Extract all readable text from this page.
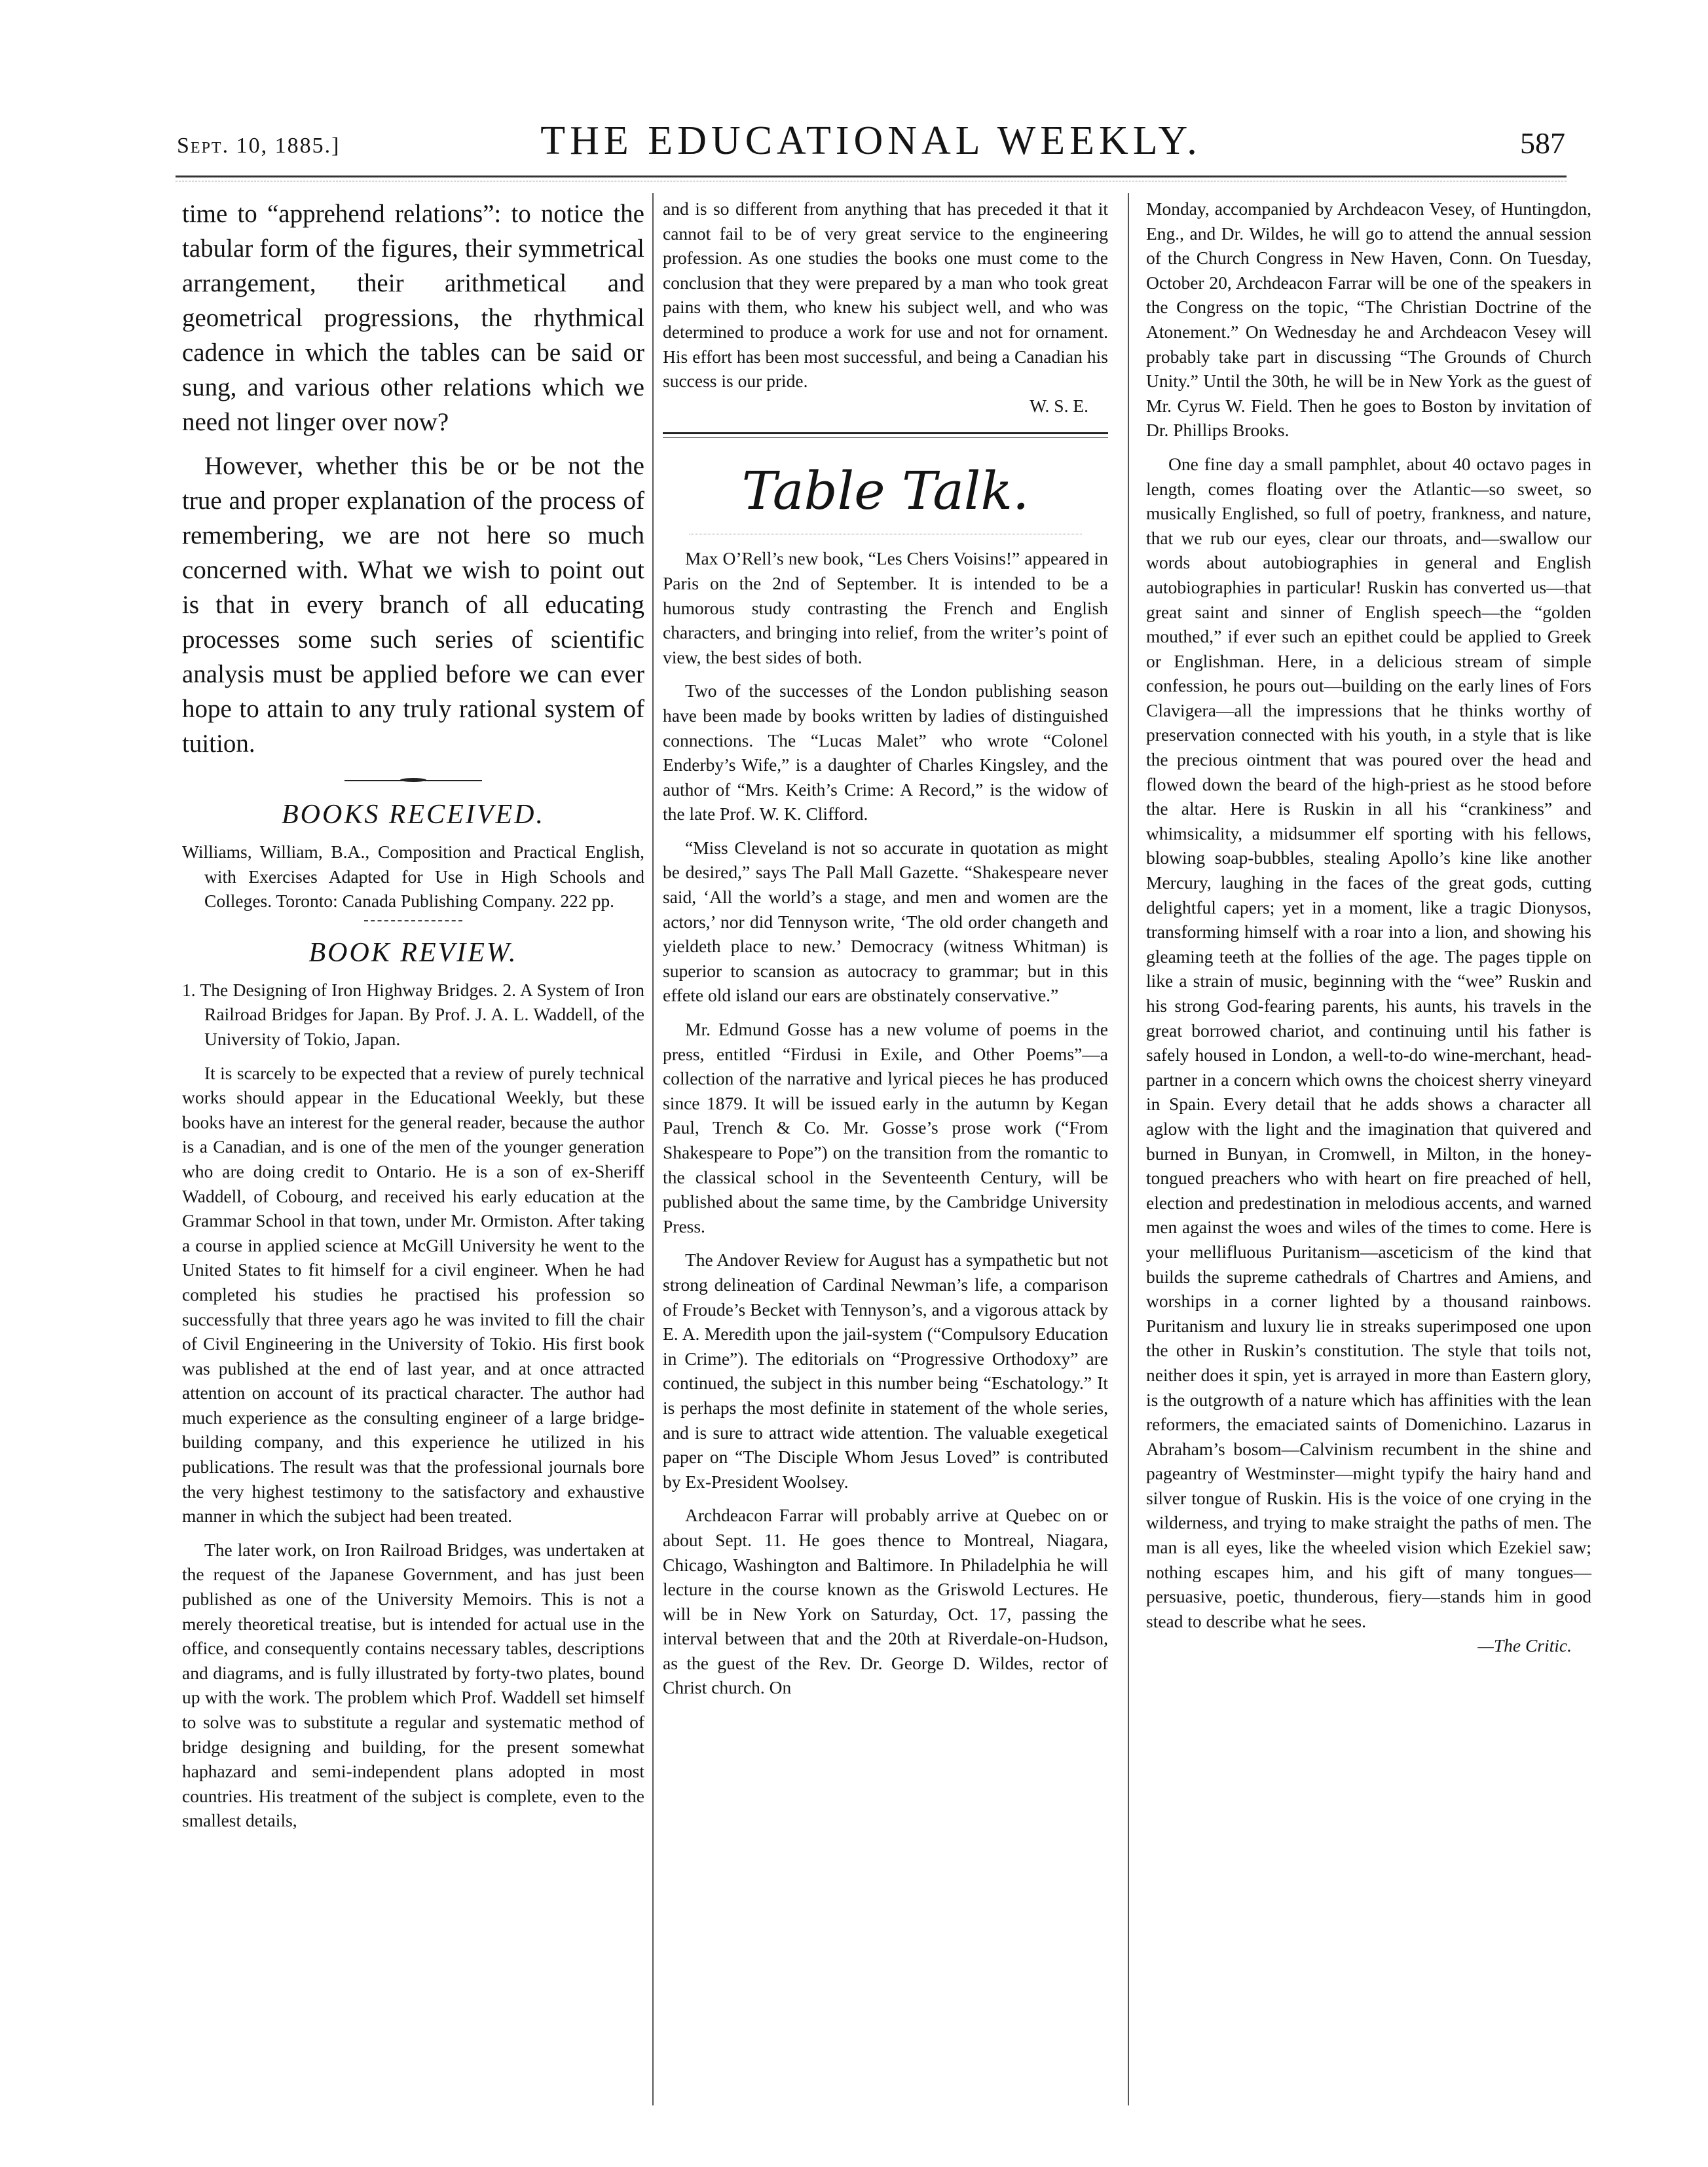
Sept. 10, 1885.]	THE EDUCATIONAL WEEKLY.	587

time to “apprehend relations”: to notice the tabular form of the figures, their symmetrical arrangement, their arithmetical and geometrical progressions, the rhythmical cadence in which the tables can be said or sung, and various other relations which we need not linger over now?

However, whether this be or be not the true and proper explanation of the process of remembering, we are not here so much concerned with. What we wish to point out is that in every branch of all educating processes some such series of scientific analysis must be applied before we can ever hope to attain to any truly rational system of tuition.

BOOKS RECEIVED.

Williams, William, B.A., Composition and Practical English, with Exercises Adapted for Use in High Schools and Colleges. Toronto: Canada Publishing Company. 222 pp.

BOOK REVIEW.

1. The Designing of Iron Highway Bridges. 2. A System of Iron Railroad Bridges for Japan. By Prof. J. A. L. Waddell, of the University of Tokio, Japan.

It is scarcely to be expected that a review of purely technical works should appear in the Educational Weekly, but these books have an interest for the general reader, because the author is a Canadian, and is one of the men of the younger generation who are doing credit to Ontario. He is a son of ex-Sheriff Waddell, of Cobourg, and received his early education at the Grammar School in that town, under Mr. Ormiston. After taking a course in applied science at McGill University he went to the United States to fit himself for a civil engineer. When he had completed his studies he practised his profession so successfully that three years ago he was invited to fill the chair of Civil Engineering in the University of Tokio. His first book was published at the end of last year, and at once attracted attention on account of its practical character. The author had much experience as the consulting engineer of a large bridge-building company, and this experience he utilized in his publications. The result was that the professional journals bore the very highest testimony to the satisfactory and exhaustive manner in which the subject had been treated.

The later work, on Iron Railroad Bridges, was undertaken at the request of the Japanese Government, and has just been published as one of the University Memoirs. This is not a merely theoretical treatise, but is intended for actual use in the office, and consequently contains necessary tables, descriptions and diagrams, and is fully illustrated by forty-two plates, bound up with the work. The problem which Prof. Waddell set himself to solve was to substitute a regular and systematic method of bridge designing and building, for the present somewhat haphazard and semi-independent plans adopted in most countries. His treatment of the subject is complete, even to the smallest details,

and is so different from anything that has preceded it that it cannot fail to be of very great service to the engineering profession. As one studies the books one must come to the conclusion that they were prepared by a man who took great pains with them, who knew his subject well, and who was determined to produce a work for use and not for ornament. His effort has been most successful, and being a Canadian his success is our pride.

W. S. E.

Table Talk.

Max O’Rell’s new book, “Les Chers Voisins!” appeared in Paris on the 2nd of September. It is intended to be a humorous study contrasting the French and English characters, and bringing into relief, from the writer’s point of view, the best sides of both.

Two of the successes of the London publishing season have been made by books written by ladies of distinguished connections. The “Lucas Malet” who wrote “Colonel Enderby’s Wife,” is a daughter of Charles Kingsley, and the author of “Mrs. Keith’s Crime: A Record,” is the widow of the late Prof. W. K. Clifford.

“Miss Cleveland is not so accurate in quotation as might be desired,” says The Pall Mall Gazette. “Shakespeare never said, ‘All the world’s a stage, and men and women are the actors,’ nor did Tennyson write, ‘The old order changeth and yieldeth place to new.’ Democracy (witness Whitman) is superior to scansion as autocracy to grammar; but in this effete old island our ears are obstinately conservative.”

Mr. Edmund Gosse has a new volume of poems in the press, entitled “Firdusi in Exile, and Other Poems”—a collection of the narrative and lyrical pieces he has produced since 1879. It will be issued early in the autumn by Kegan Paul, Trench & Co. Mr. Gosse’s prose work (“From Shakespeare to Pope”) on the transition from the romantic to the classical school in the Seventeenth Century, will be published about the same time, by the Cambridge University Press.

The Andover Review for August has a sympathetic but not strong delineation of Cardinal Newman’s life, a comparison of Froude’s Becket with Tennyson’s, and a vigorous attack by E. A. Meredith upon the jail-system (“Compulsory Education in Crime”). The editorials on “Progressive Orthodoxy” are continued, the subject in this number being “Eschatology.” It is perhaps the most definite in statement of the whole series, and is sure to attract wide attention. The valuable exegetical paper on “The Disciple Whom Jesus Loved” is contributed by Ex-President Woolsey.

Archdeacon Farrar will probably arrive at Quebec on or about Sept. 11. He goes thence to Montreal, Niagara, Chicago, Washington and Baltimore. In Philadelphia he will lecture in the course known as the Griswold Lectures. He will be in New York on Saturday, Oct. 17, passing the interval between that and the 20th at Riverdale-on-Hudson, as the guest of the Rev. Dr. George D. Wildes, rector of Christ church. On

Monday, accompanied by Archdeacon Vesey, of Huntingdon, Eng., and Dr. Wildes, he will go to attend the annual session of the Church Congress in New Haven, Conn. On Tuesday, October 20, Archdeacon Farrar will be one of the speakers in the Congress on the topic, “The Christian Doctrine of the Atonement.” On Wednesday he and Archdeacon Vesey will probably take part in discussing “The Grounds of Church Unity.” Until the 30th, he will be in New York as the guest of Mr. Cyrus W. Field. Then he goes to Boston by invitation of Dr. Phillips Brooks.

One fine day a small pamphlet, about 40 octavo pages in length, comes floating over the Atlantic—so sweet, so musically Englished, so full of poetry, frankness, and nature, that we rub our eyes, clear our throats, and—swallow our words about autobiographies in general and English autobiographies in particular! Ruskin has converted us—that great saint and sinner of English speech—the “golden mouthed,” if ever such an epithet could be applied to Greek or Englishman. Here, in a delicious stream of simple confession, he pours out—building on the early lines of Fors Clavigera—all the impressions that he thinks worthy of preservation connected with his youth, in a style that is like the precious ointment that was poured over the head and flowed down the beard of the high-priest as he stood before the altar. Here is Ruskin in all his “crankiness” and whimsicality, a midsummer elf sporting with his fellows, blowing soap-bubbles, stealing Apollo’s kine like another Mercury, laughing in the faces of the great gods, cutting delightful capers; yet in a moment, like a tragic Dionysos, transforming himself with a roar into a lion, and showing his gleaming teeth at the follies of the age. The pages tipple on like a strain of music, beginning with the “wee” Ruskin and his strong God-fearing parents, his aunts, his travels in the great borrowed chariot, and continuing until his father is safely housed in London, a well-to-do wine-merchant, head-partner in a concern which owns the choicest sherry vineyard in Spain. Every detail that he adds shows a character all aglow with the light and the imagination that quivered and burned in Bunyan, in Cromwell, in Milton, in the honey-tongued preachers who with heart on fire preached of hell, election and predestination in melodious accents, and warned men against the woes and wiles of the times to come. Here is your mellifluous Puritanism—asceticism of the kind that builds the supreme cathedrals of Chartres and Amiens, and worships in a corner lighted by a thousand rainbows. Puritanism and luxury lie in streaks superimposed one upon the other in Ruskin’s constitution. The style that toils not, neither does it spin, yet is arrayed in more than Eastern glory, is the outgrowth of a nature which has affinities with the lean reformers, the emaciated saints of Domenichino. Lazarus in Abraham’s bosom—Calvinism recumbent in the shine and pageantry of Westminster—might typify the hairy hand and silver tongue of Ruskin. His is the voice of one crying in the wilderness, and trying to make straight the paths of men. The man is all eyes, like the wheeled vision which Ezekiel saw; nothing escapes him, and his gift of many tongues—persuasive, poetic, thunderous, fiery—stands him in good stead to describe what he sees.

—The Critic.
